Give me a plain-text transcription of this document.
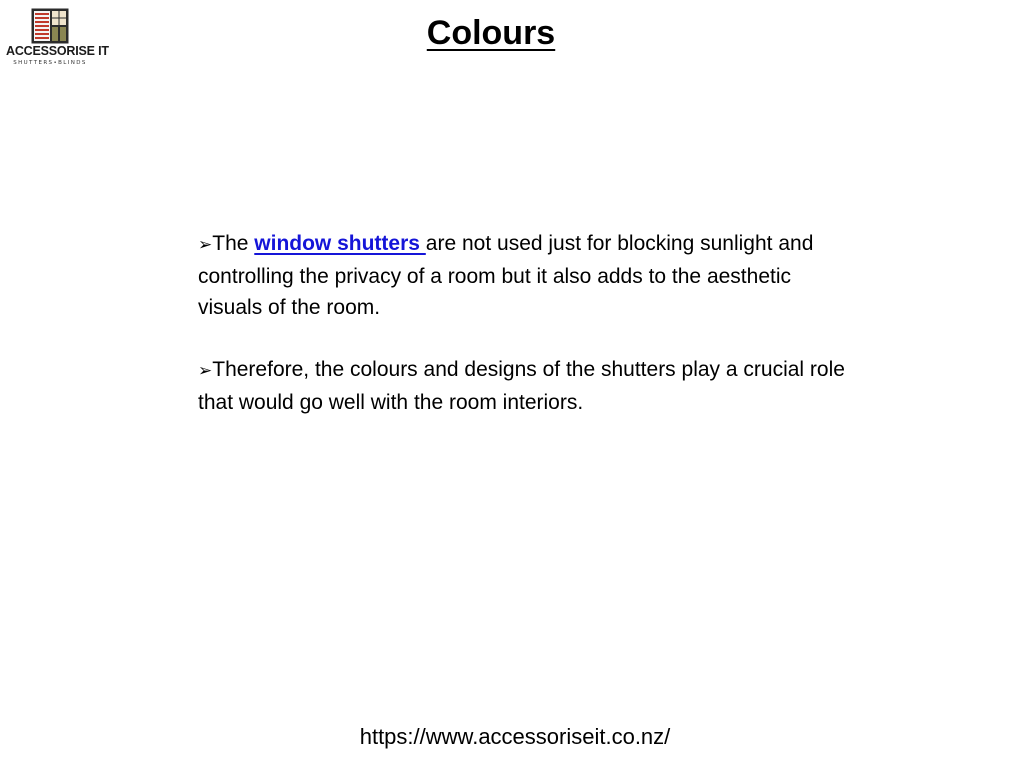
ACCESSORISE IT
SHUTTERS•BLINDS
Colours

➢The window shutters are not used just for blocking sunlight and controlling the privacy of a room but it also adds to the aesthetic visuals of the room.

➢Therefore, the colours and designs of the shutters play a crucial role that would go well with the room interiors.

https://www.accessoriseit.co.nz/
